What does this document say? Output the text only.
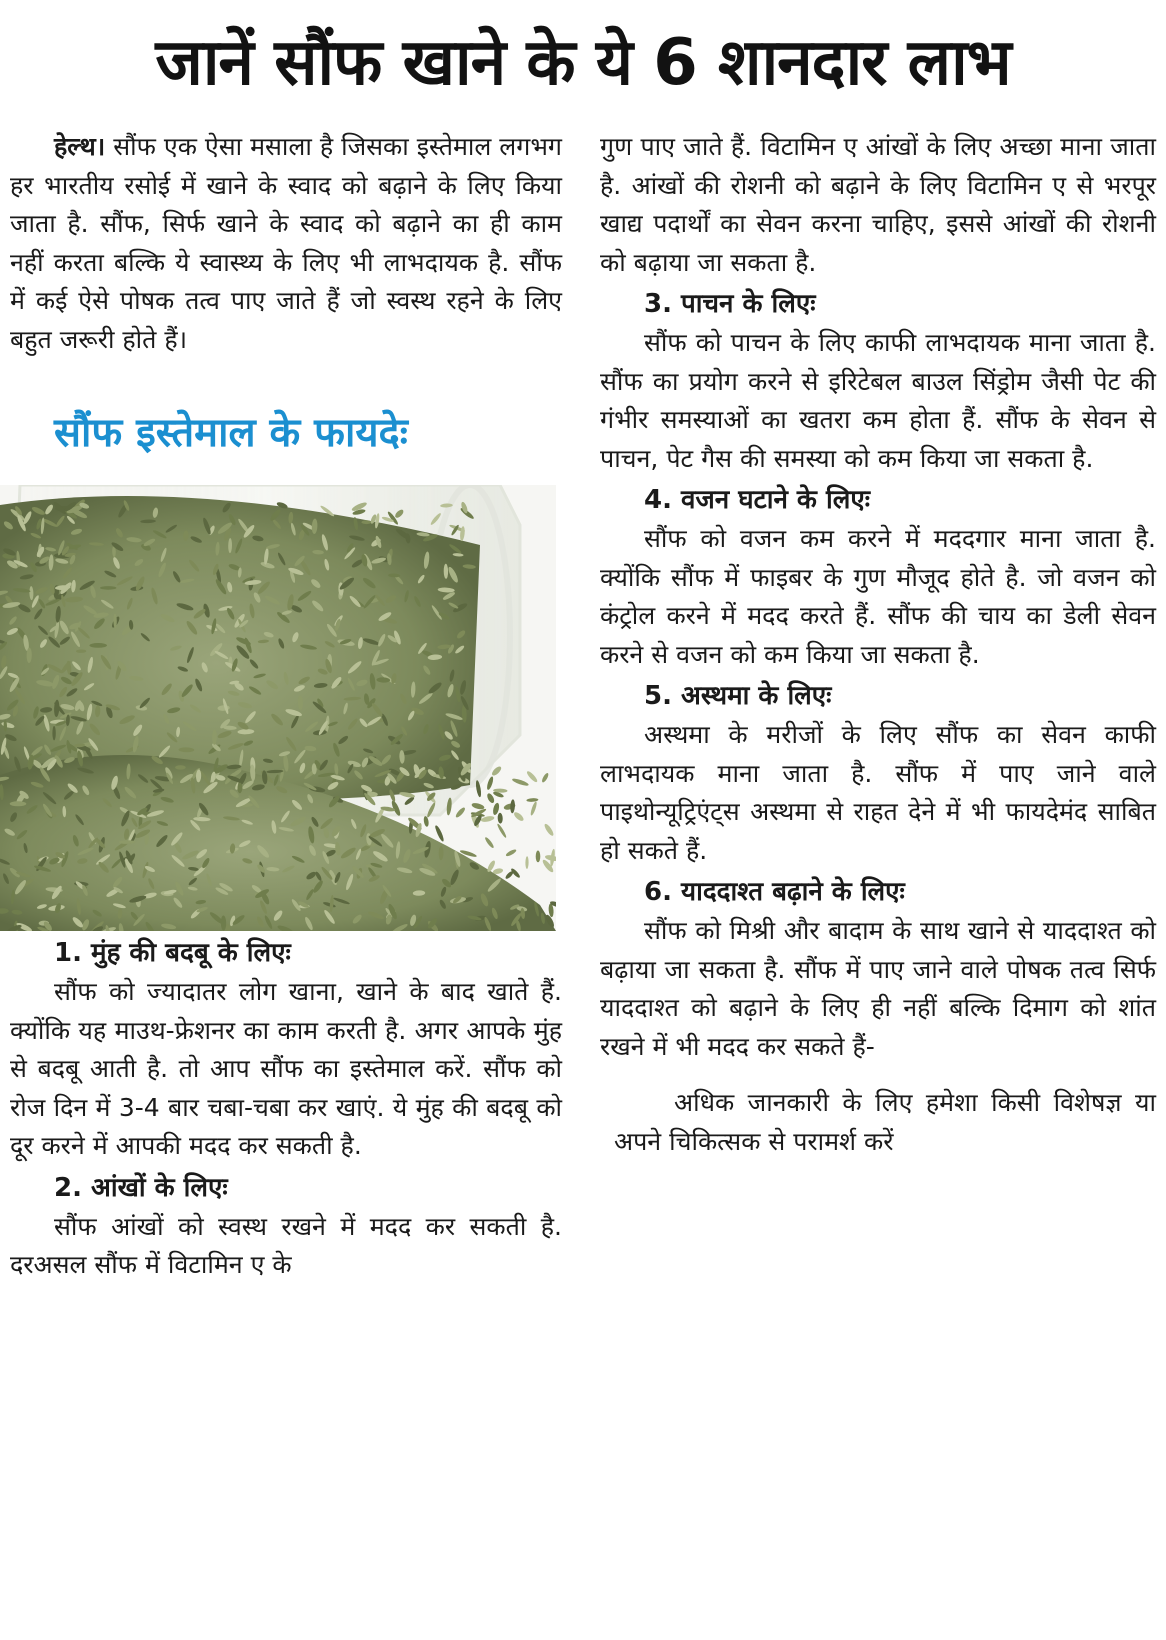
जानें सौंफ खाने के ये 6 शानदार लाभ

हेल्थ। सौंफ एक ऐसा मसाला है जिसका इस्तेमाल लगभग हर भारतीय रसोई में खाने के स्वाद को बढ़ाने के लिए किया जाता है. सौंफ, सिर्फ खाने के स्वाद को बढ़ाने का ही काम नहीं करता बल्कि ये स्वास्थ्य के लिए भी लाभदायक है. सौंफ में कई ऐसे पोषक तत्व पाए जाते हैं जो स्वस्थ रहने के लिए बहुत जरूरी होते हैं।

सौंफ इस्तेमाल के फायदेः
1. मुंह की बदबू के लिएः

सौंफ को ज्यादातर लोग खाना, खाने के बाद खाते हैं. क्योंकि यह माउथ-फ्रेशनर का काम करती है. अगर आपके मुंह से बदबू आती है. तो आप सौंफ का इस्तेमाल करें. सौंफ को रोज दिन में 3-4 बार चबा-चबा कर खाएं. ये मुंह की बदबू को दूर करने में आपकी मदद कर सकती है.

2. आंखों के लिएः

सौंफ आंखों को स्वस्थ रखने में मदद कर सकती है. दरअसल सौंफ में विटामिन ए के

गुण पाए जाते हैं. विटामिन ए आंखों के लिए अच्छा माना जाता है. आंखों की रोशनी को बढ़ाने के लिए विटामिन ए से भरपूर खाद्य पदार्थों का सेवन करना चाहिए, इससे आंखों की रोशनी को बढ़ाया जा सकता है.

3. पाचन के लिएः

सौंफ को पाचन के लिए काफी लाभदायक माना जाता है. सौंफ का प्रयोग करने से इरिटेबल बाउल सिंड्रोम जैसी पेट की गंभीर समस्याओं का खतरा कम होता हैं. सौंफ के सेवन से पाचन, पेट गैस की समस्या को कम किया जा सकता है.

4. वजन घटाने के लिएः

सौंफ को वजन कम करने में मददगार माना जाता है. क्योंकि सौंफ में फाइबर के गुण मौजूद होते है. जो वजन को कंट्रोल करने में मदद करते हैं. सौंफ की चाय का डेली सेवन करने से वजन को कम किया जा सकता है.

5. अस्थमा के लिएः

अस्थमा के मरीजों के लिए सौंफ का सेवन काफी लाभदायक माना जाता है. सौंफ में पाए जाने वाले पाइथोन्यूट्रिएंट्स अस्थमा से राहत देने में भी फायदेमंद साबित हो सकते हैं.

6. याददाश्त बढ़ाने के लिएः

सौंफ को मिश्री और बादाम के साथ खाने से याददाश्त को बढ़ाया जा सकता है. सौंफ में पाए जाने वाले पोषक तत्व सिर्फ याददाश्त को बढ़ाने के लिए ही नहीं बल्कि दिमाग को शांत रखने में भी मदद कर सकते हैं-

अधिक जानकारी के लिए हमेशा किसी विशेषज्ञ या अपने चिकित्सक से परामर्श करें
